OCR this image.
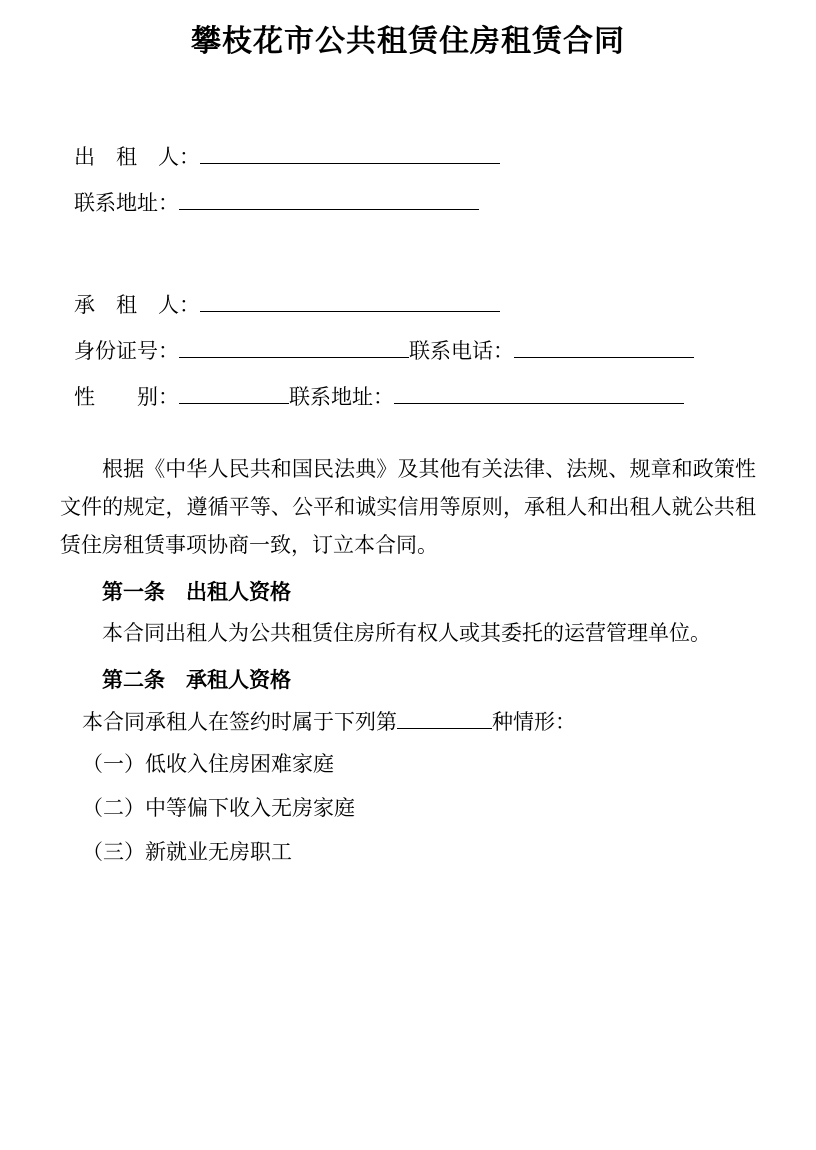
攀枝花市公共租赁住房租赁合同
出　租　人：
联系地址：
承　租　人：
身份证号：	联系电话：
性　　别：	联系地址：
根据《中华人民共和国民法典》及其他有关法律、法规、规章和政策性文件的规定，遵循平等、公平和诚实信用等原则，承租人和出租人就公共租赁住房租赁事项协商一致，订立本合同。
第一条　出租人资格
本合同出租人为公共租赁住房所有权人或其委托的运营管理单位。
第二条　承租人资格
本合同承租人在签约时属于下列第	种情形：
（一）低收入住房困难家庭
（二）中等偏下收入无房家庭
（三）新就业无房职工
